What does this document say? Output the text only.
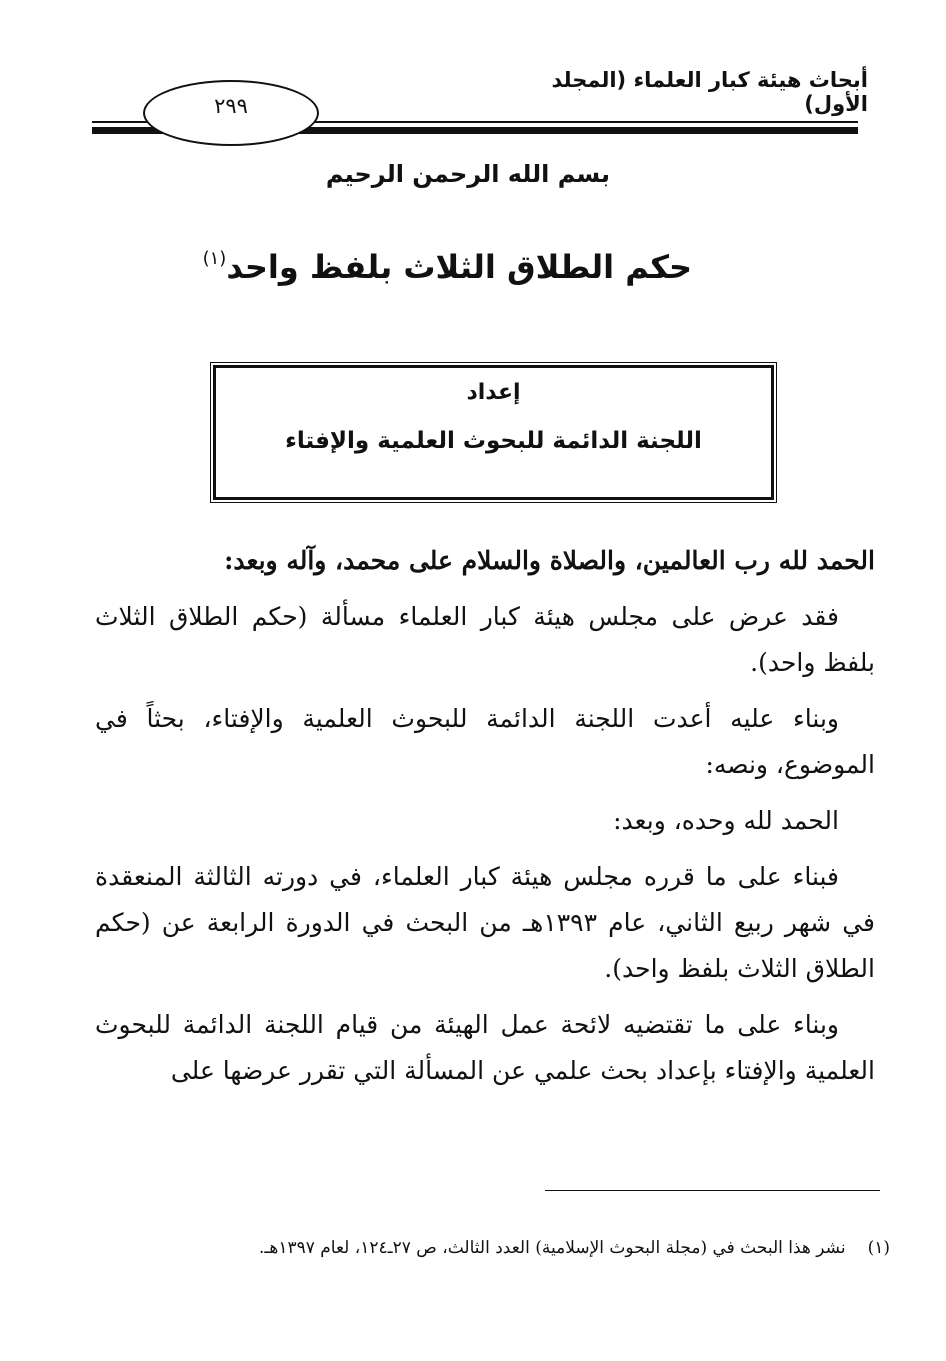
أبحاث هيئة كبار العلماء (المجلد الأول)
٢٩٩
بسم الله الرحمن الرحيم
حكم الطلاق الثلاث بلفظ واحد$^{(١)}$
إعداد
اللجنة الدائمة للبحوث العلمية والإفتاء

الحمد لله رب العالمين، والصلاة والسلام على محمد، وآله وبعد:

فقد عرض على مجلس هيئة كبار العلماء مسألة (حكم الطلاق الثلاث بلفظ واحد).

وبناء عليه أعدت اللجنة الدائمة للبحوث العلمية والإفتاء، بحثاً في الموضوع، ونصه:

الحمد لله وحده، وبعد:

فبناء على ما قرره مجلس هيئة كبار العلماء، في دورته الثالثة المنعقدة في شهر ربيع الثاني، عام ١٣٩٣هـ من البحث في الدورة الرابعة عن (حكم الطلاق الثلاث بلفظ واحد).

وبناء على ما تقتضيه لائحة عمل الهيئة من قيام اللجنة الدائمة للبحوث العلمية والإفتاء بإعداد بحث علمي عن المسألة التي تقرر عرضها على

(١)نشر هذا البحث في (مجلة البحوث الإسلامية) العدد الثالث، ص ٢٧ـ١٢٤، لعام ١٣٩٧هـ.
